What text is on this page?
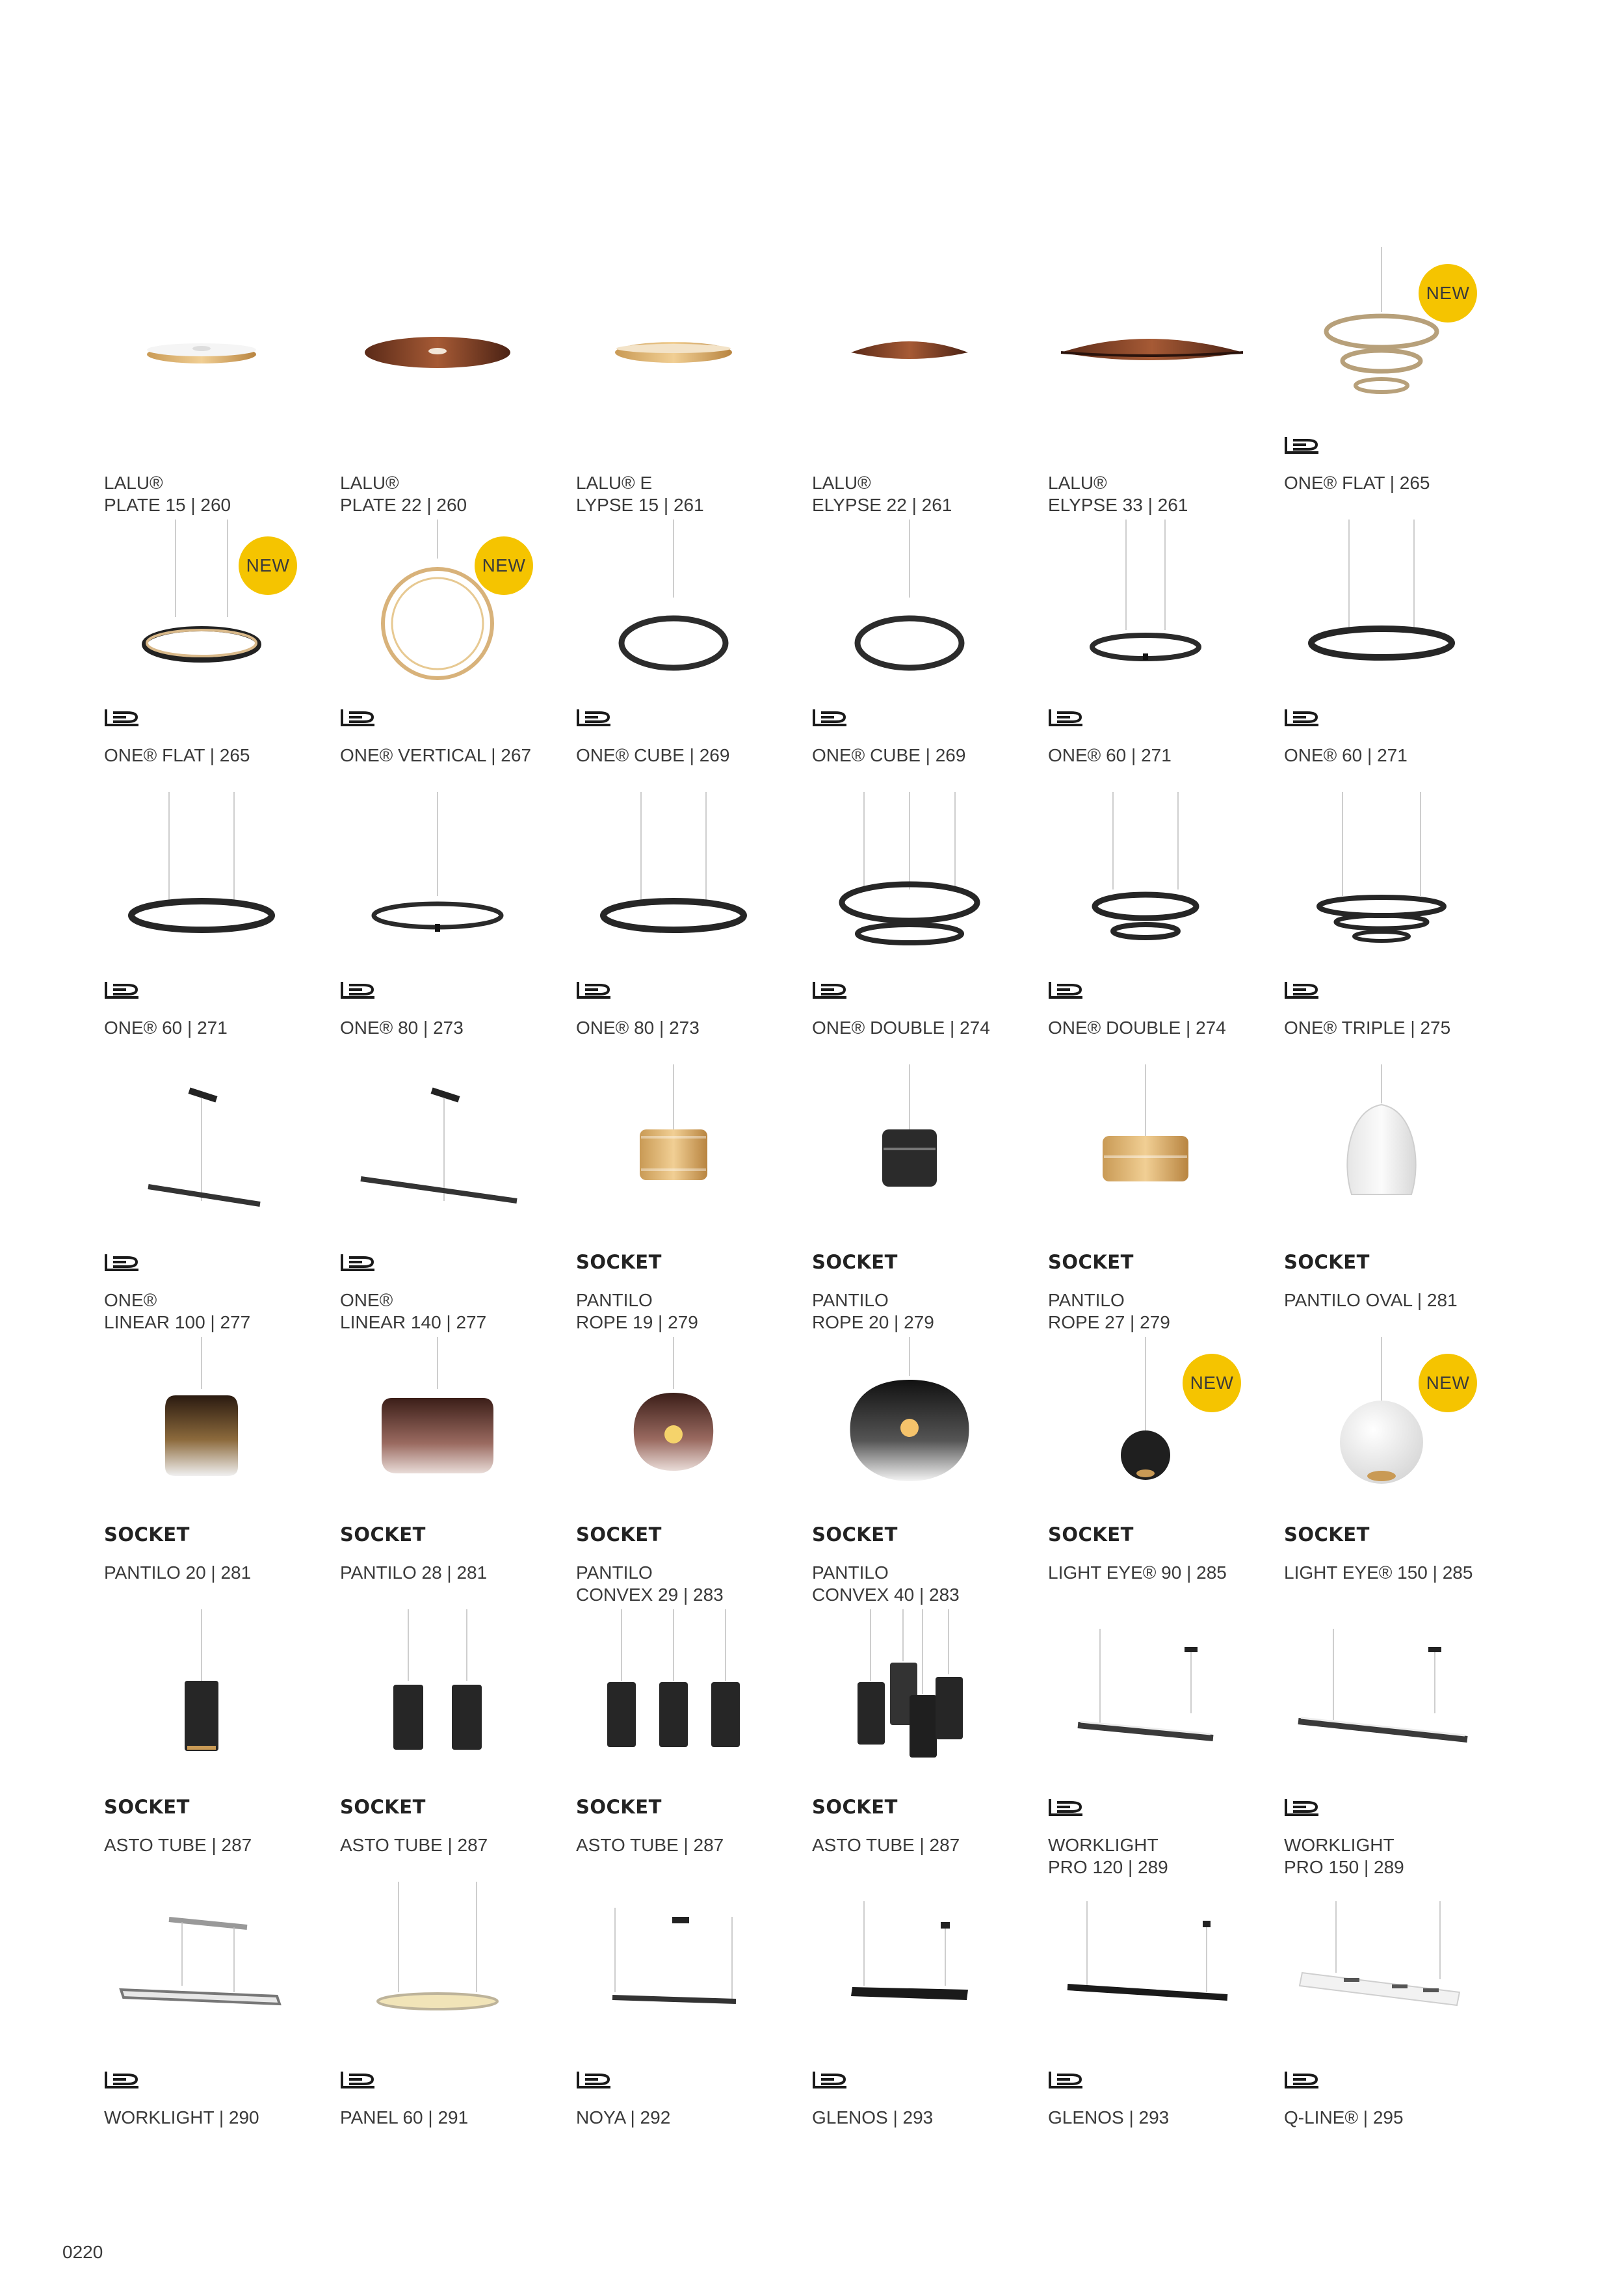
LALU®
PLATE 15 | 260
LALU®
PLATE 22 | 260
LALU® E
LYPSE 15 | 261
LALU®
ELYPSE 22 | 261
LALU®
ELYPSE 33 | 261
NEW
ONE® FLAT | 265
NEW
ONE® FLAT | 265
NEW
ONE® VERTICAL | 267	ONE® CUBE | 269	ONE® CUBE | 269	ONE® 60 | 271	ONE® 60 | 271
ONE® 60 | 271	ONE® 80 | 273	ONE® 80 | 273	ONE® DOUBLE | 274	ONE® DOUBLE | 274	ONE® TRIPLE | 275
ONE®
LINEAR 100 | 277
ONE®
LINEAR 140 | 277
SOCKET
PANTILO
ROPE 19 | 279
SOCKET
PANTILO
ROPE 20 | 279
SOCKET
PANTILO
ROPE 27 | 279
SOCKET
PANTILO OVAL | 281
SOCKET
PANTILO 20 | 281
SOCKET
PANTILO 28 | 281
SOCKET
PANTILO
CONVEX 29 | 283
SOCKET
PANTILO
CONVEX 40 | 283
NEW
SOCKET
LIGHT EYE® 90 | 285
NEW
SOCKET
LIGHT EYE® 150 | 285
SOCKET
ASTO TUBE | 287
SOCKET
ASTO TUBE | 287
SOCKET
ASTO TUBE | 287
SOCKET
ASTO TUBE | 287	WORKLIGHT
PRO 120 | 289
WORKLIGHT
PRO 150 | 289
WORKLIGHT | 290	PANEL 60 | 291	NOYA | 292	GLENOS | 293	GLENOS | 293	Q-LINE® | 295
0220
